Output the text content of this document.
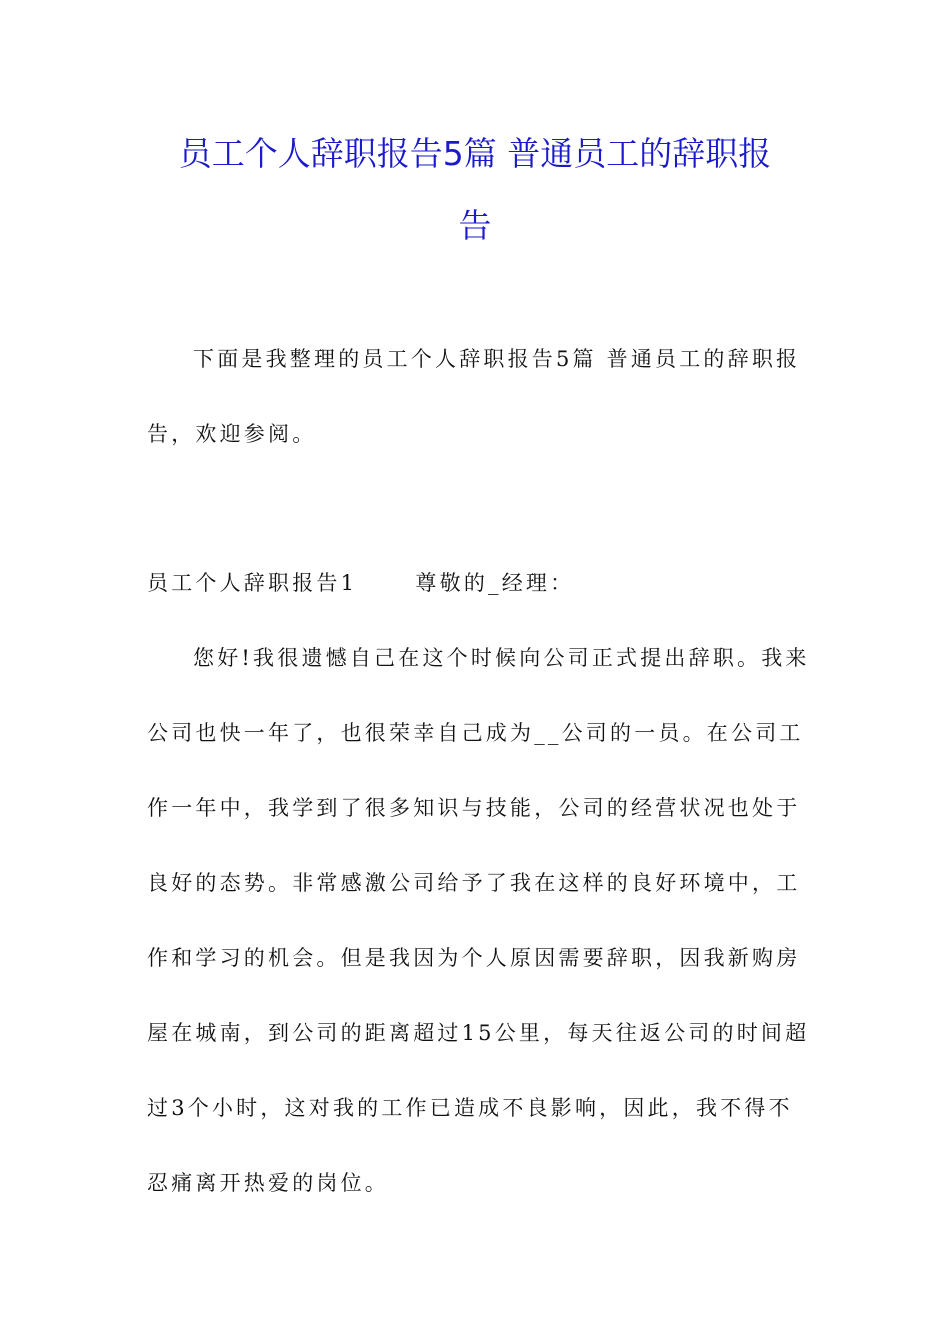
员工个人辞职报告5篇 普通员工的辞职报
告
下面是我整理的员工个人辞职报告5篇 普通员工的辞职报
告，欢迎参阅。
员工个人辞职报告1　　 尊敬的_经理：
您好!我很遗憾自己在这个时候向公司正式提出辞职。我来
公司也快一年了，也很荣幸自己成为__公司的一员。在公司工
作一年中，我学到了很多知识与技能，公司的经营状况也处于
良好的态势。非常感激公司给予了我在这样的良好环境中，工
作和学习的机会。但是我因为个人原因需要辞职，因我新购房
屋在城南，到公司的距离超过15公里，每天往返公司的时间超
过3个小时，这对我的工作已造成不良影响，因此，我不得不
忍痛离开热爱的岗位。
